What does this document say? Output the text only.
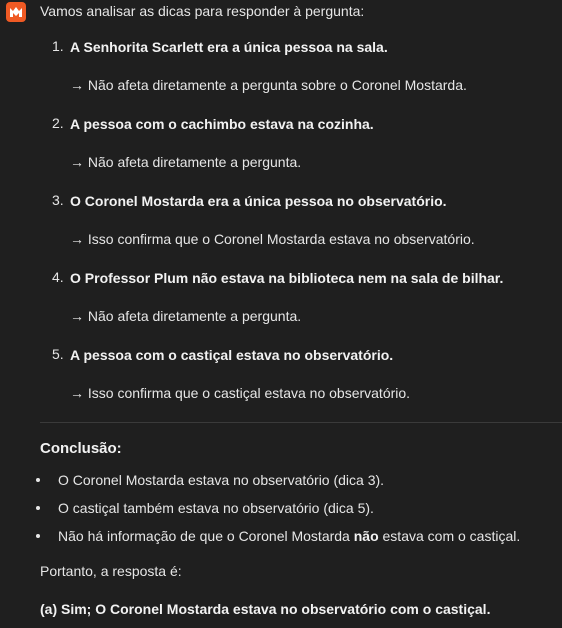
Vamos analisar as dicas para responder à pergunta:
1. A Senhorita Scarlett era a única pessoa na sala.
→ Não afeta diretamente a pergunta sobre o Coronel Mostarda.
2. A pessoa com o cachimbo estava na cozinha.
→ Não afeta diretamente a pergunta.
3. O Coronel Mostarda era a única pessoa no observatório.
→ Isso confirma que o Coronel Mostarda estava no observatório.
4. O Professor Plum não estava na biblioteca nem na sala de bilhar.
→ Não afeta diretamente a pergunta.
5. A pessoa com o castiçal estava no observatório.
→ Isso confirma que o castiçal estava no observatório.
Conclusão:
O Coronel Mostarda estava no observatório (dica 3).
O castiçal também estava no observatório (dica 5).
Não há informação de que o Coronel Mostarda não estava com o castiçal.
Portanto, a resposta é:
(a) Sim; O Coronel Mostarda estava no observatório com o castiçal.
